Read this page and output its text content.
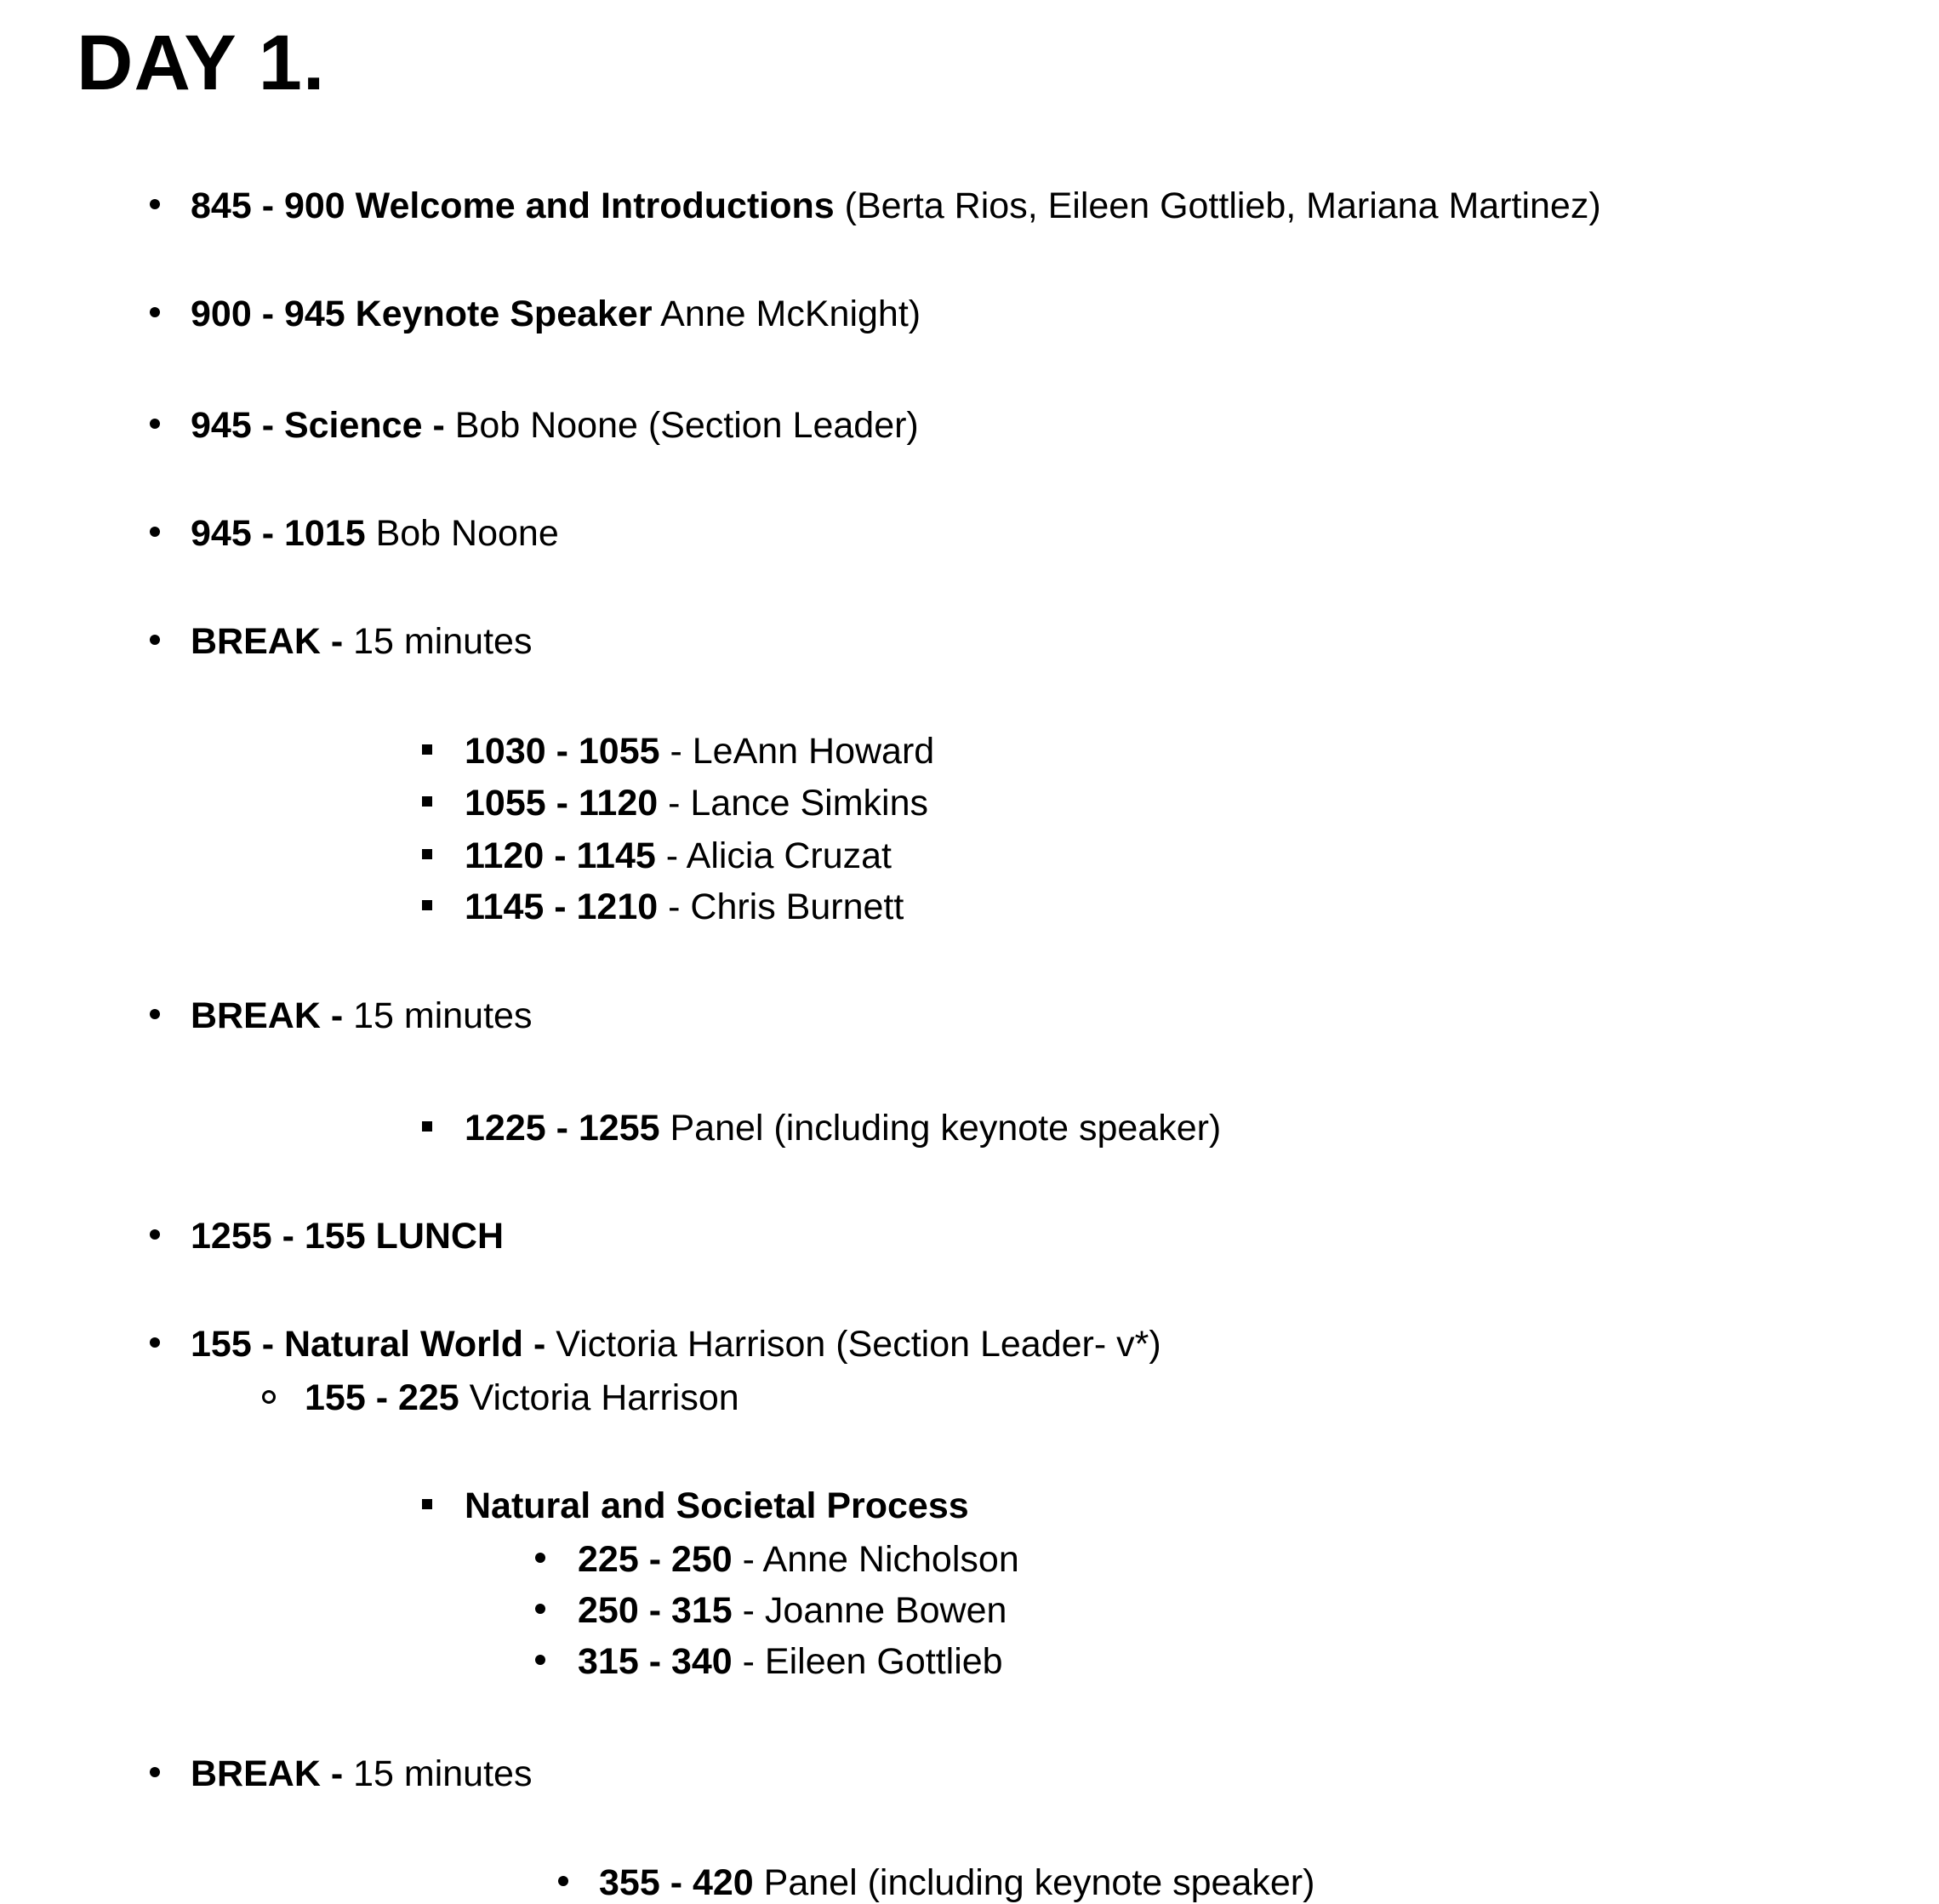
DAY 1.
845 - 900 Welcome and Introductions (Berta Rios, Eileen Gottlieb, Mariana Martinez)
900 - 945 Keynote Speaker Anne McKnight)
945 - Science - Bob Noone (Section Leader)
945 - 1015 Bob Noone
BREAK - 15 minutes
1030 - 1055 - LeAnn Howard
1055 - 1120 - Lance Simkins
1120 - 1145 - Alicia Cruzat
1145 - 1210 - Chris Burnett
BREAK - 15 minutes
1225 - 1255 Panel (including keynote speaker)
1255 - 155 LUNCH
155 - Natural World - Victoria Harrison (Section Leader- v*)
155 - 225 Victoria Harrison
Natural and Societal Process
225 - 250 - Anne Nicholson
250 - 315 - Joanne Bowen
315 - 340 - Eileen Gottlieb
BREAK - 15 minutes
355 - 420 Panel (including keynote speaker)
